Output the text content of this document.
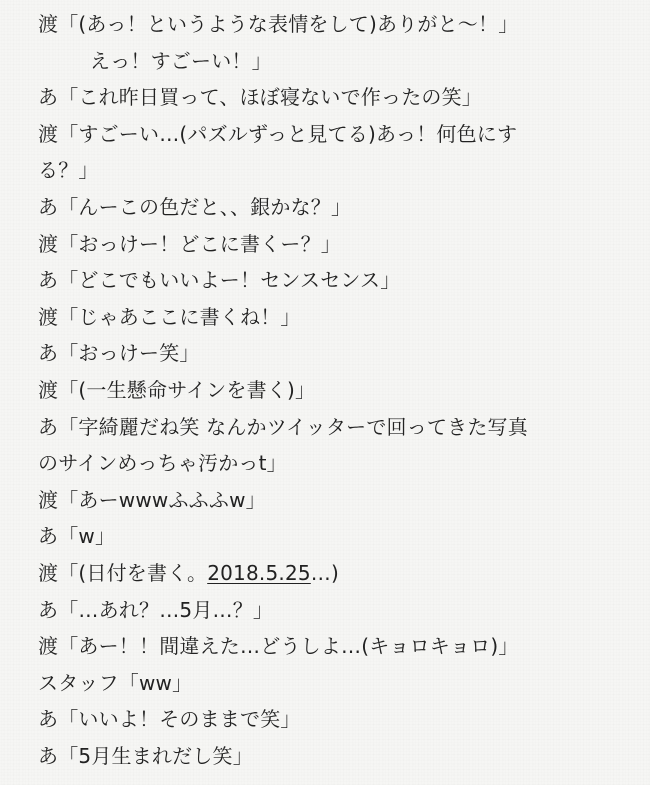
渡「(あっ！というような表情をして)ありがと〜！」
えっ！すごーい！」
あ「これ昨日買って、ほぼ寝ないで作ったの笑」
渡「すごーい…(パズルずっと見てる)あっ！何色にす
る？」
あ「んーこの色だと、、銀かな？」
渡「おっけー！どこに書くー？」
あ「どこでもいいよー！センスセンス」
渡「じゃあここに書くね！」
あ「おっけー笑」
渡「(一生懸命サインを書く)」
あ「字綺麗だね笑 なんかツイッターで回ってきた写真
のサインめっちゃ汚かっt」
渡「あーwwwふふふw」
あ「w」
渡「(日付を書く。2018.5.25…)
あ「…あれ？…5月…？」
渡「あー！！間違えた…どうしよ…(キョロキョロ)」
スタッフ「ww」
あ「いいよ！そのままで笑」
あ「5月生まれだし笑」
